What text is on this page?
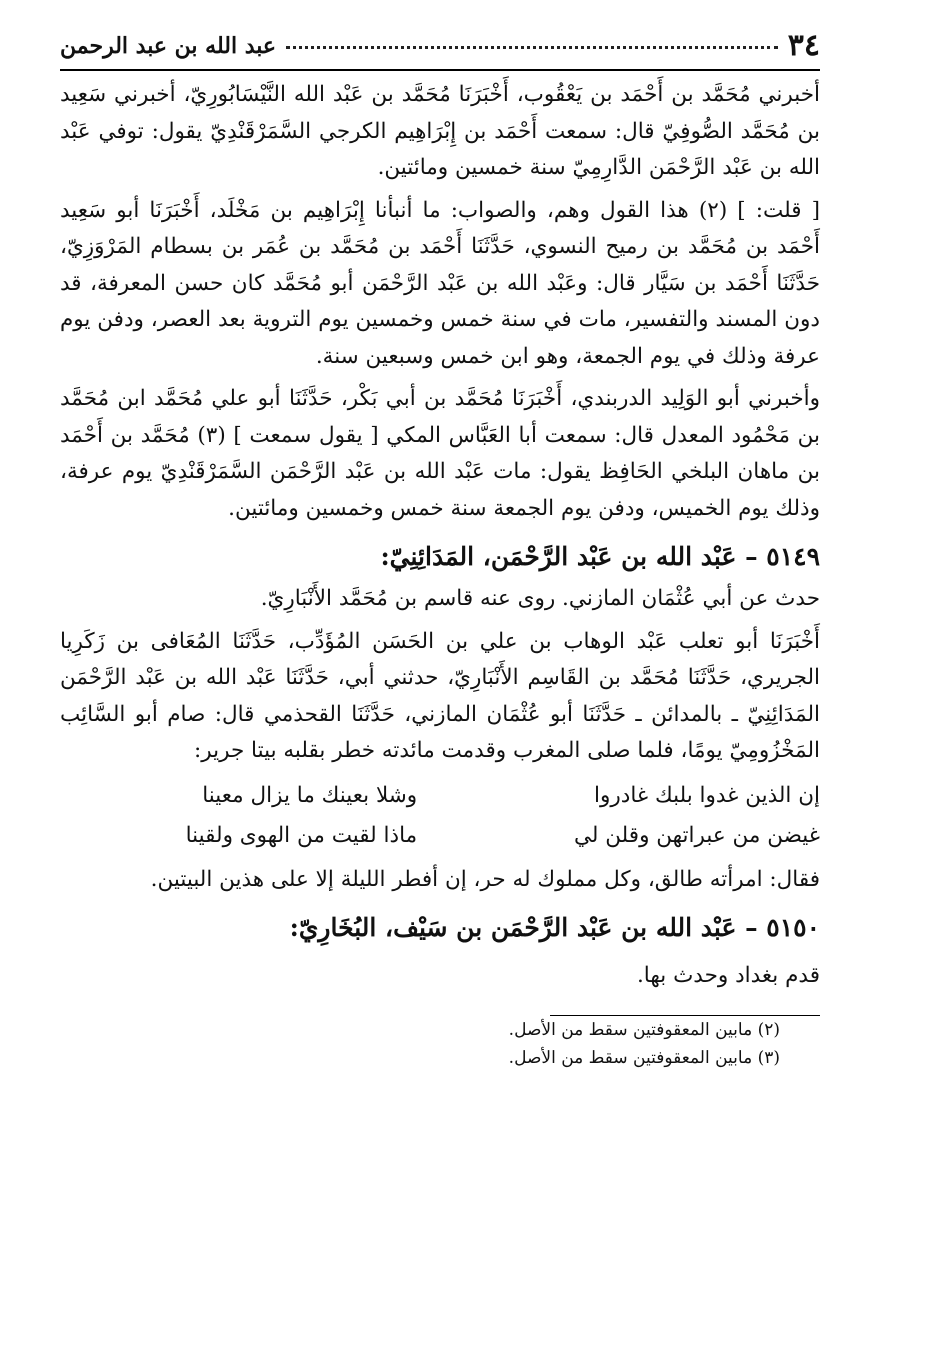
٣٤
عبد الله بن عبد الرحمن

أخبرني مُحَمَّد بن أَحْمَد بن يَعْقُوب، أَخْبَرَنَا مُحَمَّد بن عَبْد الله النَّيْسَابُورِيّ، أخبرني سَعِيد بن مُحَمَّد الصُّوفِيّ قال: سمعت أَحْمَد بن إِبْرَاهِيم الكرجي السَّمَرْقَنْدِيّ يقول: توفي عَبْد الله بن عَبْد الرَّحْمَن الدَّارِمِيّ سنة خمسين ومائتين.

[ قلت: ] (٢) هذا القول وهم، والصواب: ما أنبأنا إِبْرَاهِيم بن مَخْلَد، أَخْبَرَنَا أبو سَعِيد أَحْمَد بن مُحَمَّد بن رميح النسوي، حَدَّثَنَا أَحْمَد بن مُحَمَّد بن عُمَر بن بسطام المَرْوَزِيّ، حَدَّثَنَا أَحْمَد بن سَيَّار قال: وعَبْد الله بن عَبْد الرَّحْمَن أبو مُحَمَّد كان حسن المعرفة، قد دون المسند والتفسير، مات في سنة خمس وخمسين يوم التروية بعد العصر، ودفن يوم عرفة وذلك في يوم الجمعة، وهو ابن خمس وسبعين سنة.

وأخبرني أبو الوَلِيد الدربندي، أَخْبَرَنَا مُحَمَّد بن أبي بَكْر، حَدَّثَنَا أبو علي مُحَمَّد ابن مُحَمَّد بن مَحْمُود المعدل قال: سمعت أبا العَبَّاس المكي [ يقول سمعت ] (٣) مُحَمَّد بن أَحْمَد بن ماهان البلخي الحَافِظ يقول: مات عَبْد الله بن عَبْد الرَّحْمَن السَّمَرْقَنْدِيّ يوم عرفة، وذلك يوم الخميس، ودفن يوم الجمعة سنة خمس وخمسين ومائتين.

٥١٤٩ – عَبْد الله بن عَبْد الرَّحْمَن، المَدَائِنِيّ:

حدث عن أبي عُثْمَان المازني. روى عنه قاسم بن مُحَمَّد الأَنْبَارِيّ.

أَخْبَرَنَا أبو تعلب عَبْد الوهاب بن علي بن الحَسَن المُؤَدِّب، حَدَّثَنَا المُعَافى بن زَكَرِيا الجريري، حَدَّثَنَا مُحَمَّد بن القَاسِم الأَنْبَارِيّ، حدثني أبي، حَدَّثَنَا عَبْد الله بن عَبْد الرَّحْمَن المَدَائِنِيّ ـ بالمدائن ـ حَدَّثَنَا أبو عُثْمَان المازني، حَدَّثَنَا القحذمي قال: صام أبو السَّائِب المَخْزُومِيّ يومًا، فلما صلى المغرب وقدمت مائدته خطر بقلبه بيتا جرير:

إن الذين غدوا بلبك غادروا
وشلا بعينك ما يزال معينا
غيضن من عبراتهن وقلن لي
ماذا لقيت من الهوى ولقينا

فقال: امرأته طالق، وكل مملوك له حر، إن أفطر الليلة إلا على هذين البيتين.

٥١٥٠ – عَبْد الله بن عَبْد الرَّحْمَن بن سَيْف، البُخَارِيّ:

قدم بغداد وحدث بها.

(٢) مابين المعقوفتين سقط من الأصل.
(٣) مابين المعقوفتين سقط من الأصل.
